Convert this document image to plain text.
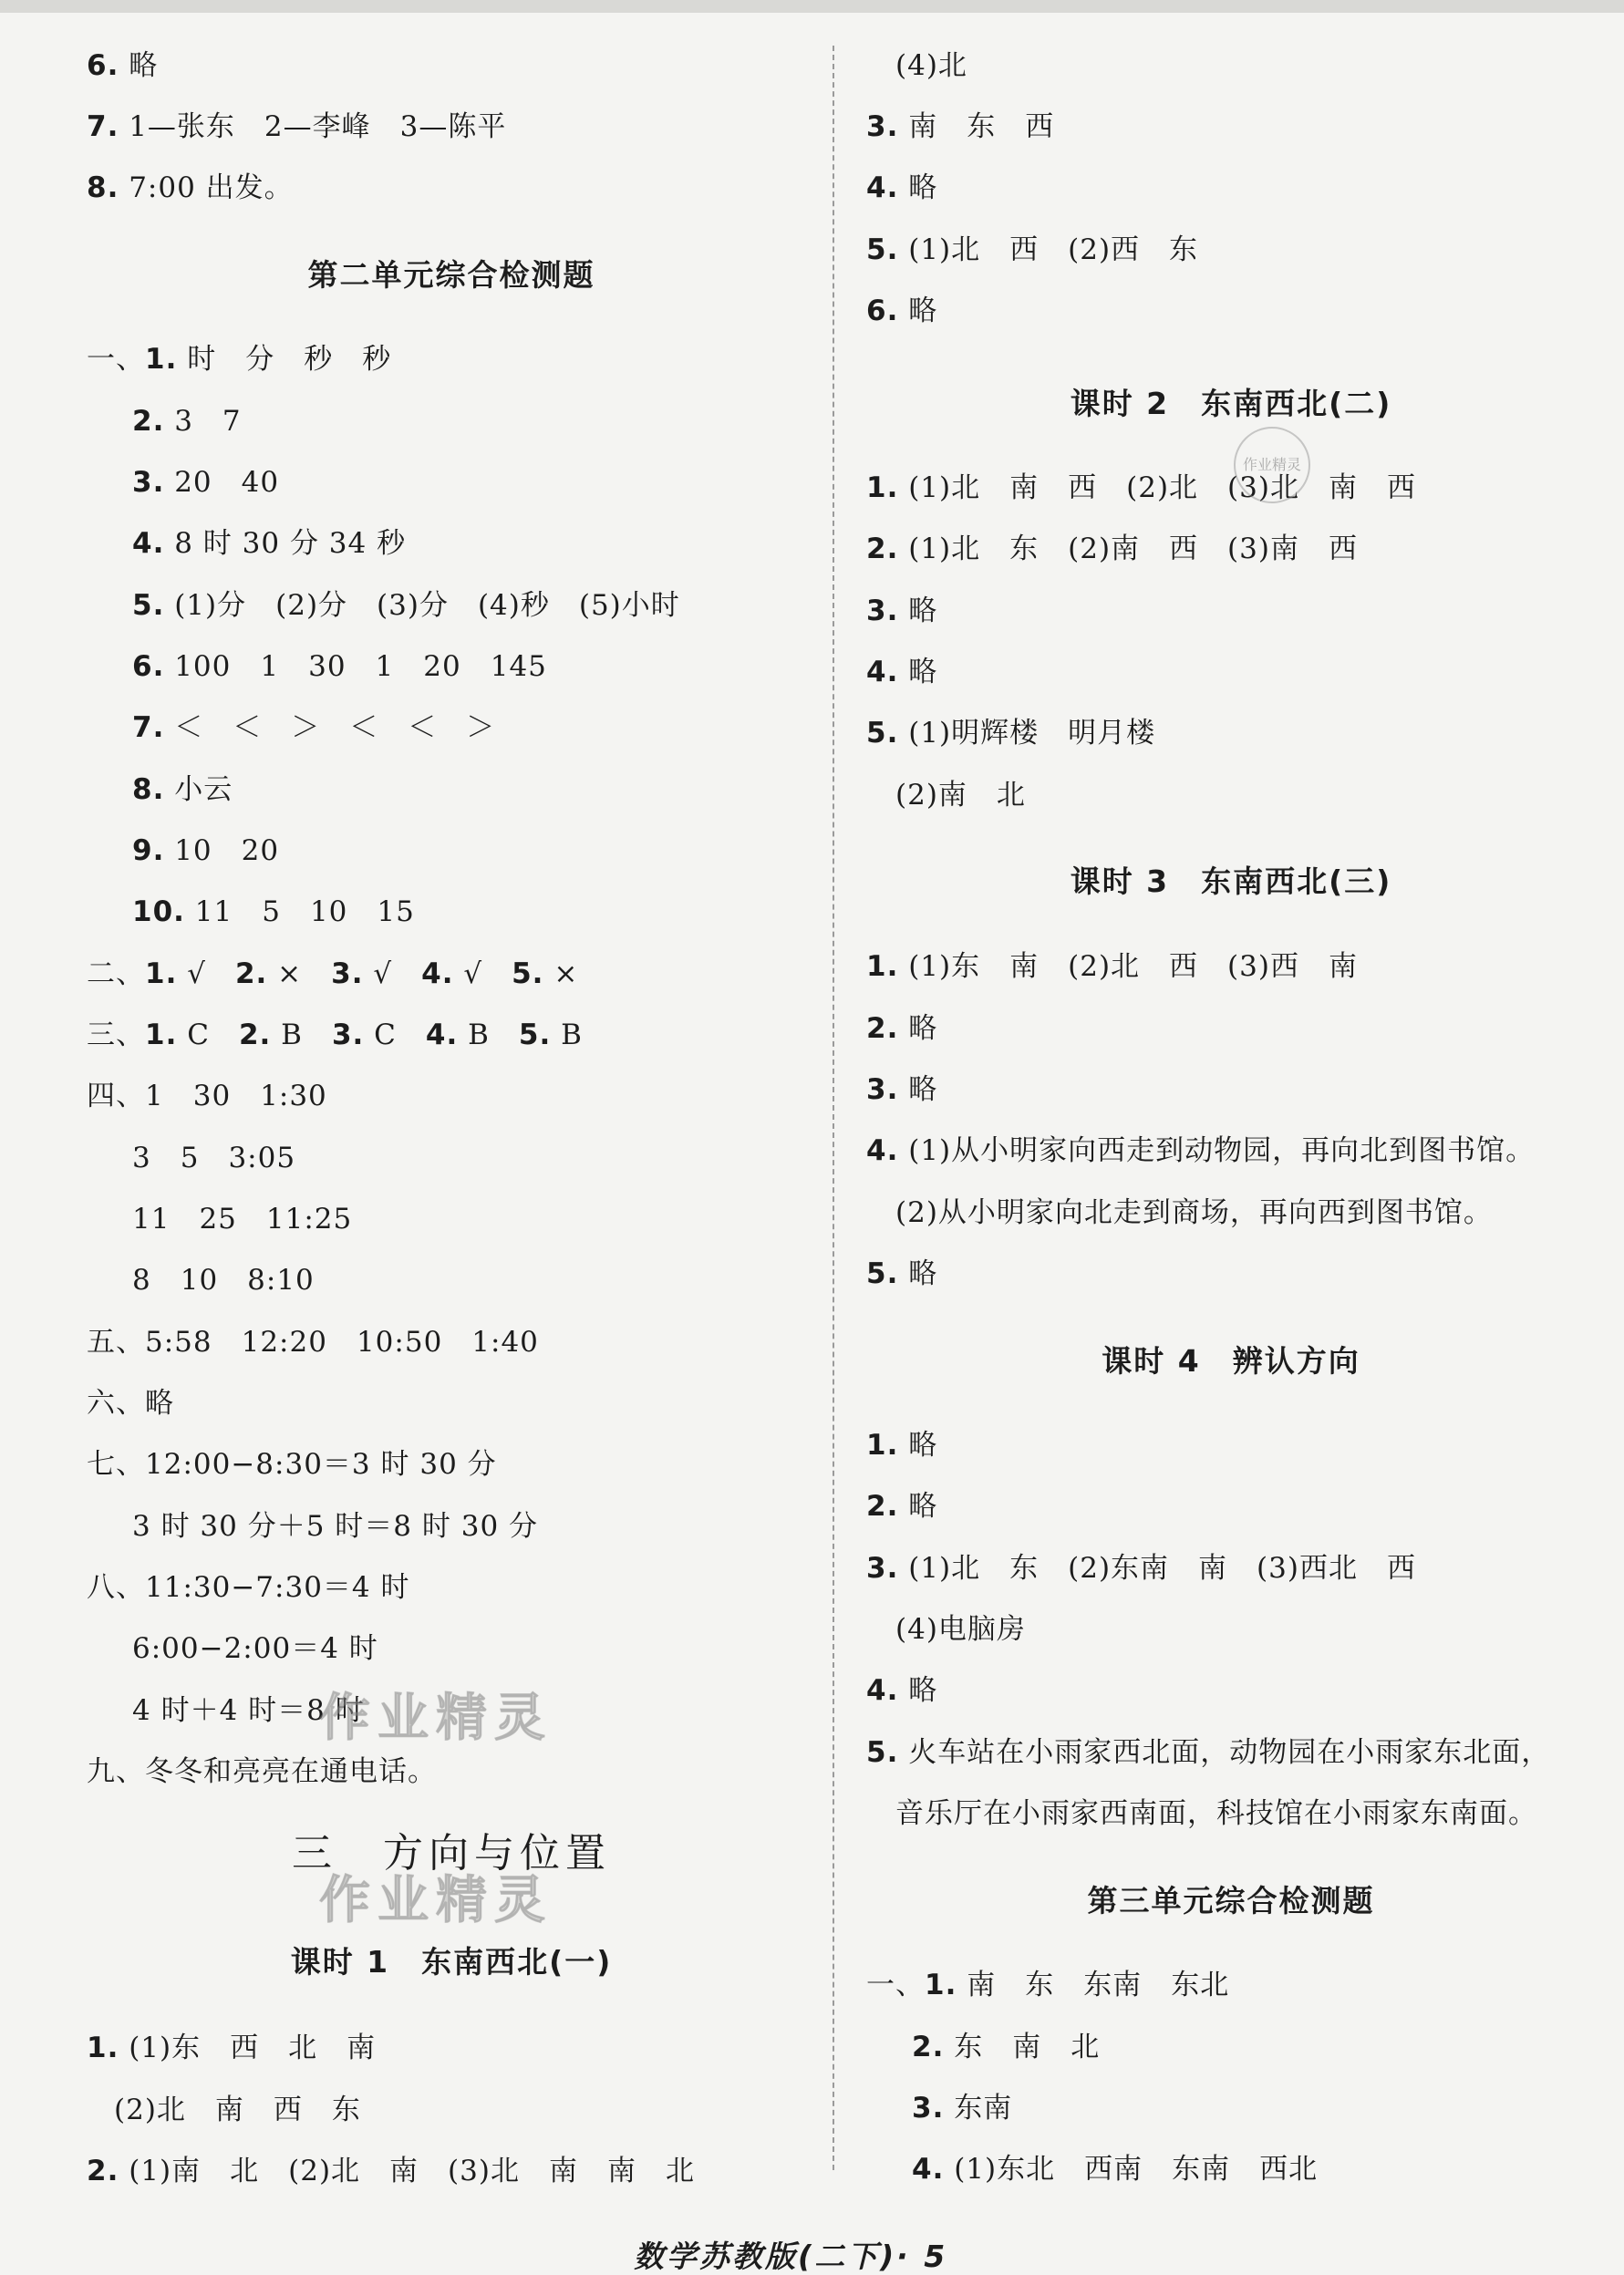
6. 略
7. 1—张东　2—李峰　3—陈平
8. 7:00 出发。
第二单元综合检测题
一、1. 时　分　秒　秒
2. 3　7
3. 20　40
4. 8 时 30 分 34 秒
5. (1)分　(2)分　(3)分　(4)秒　(5)小时
6. 100　1　30　1　20　145
7. ＜　＜　＞　＜　＜　＞
8. 小云
9. 10　20
10. 11　5　10　15
二、1. √　2. ×　3. √　4. √　5. ×
三、1. C　2. B　3. C　4. B　5. B
四、1　30　1:30
3　5　3:05
11　25　11:25
8　10　8:10
五、5:58　12:20　10:50　1:40
六、略
七、12:00−8:30＝3 时 30 分
3 时 30 分＋5 时＝8 时 30 分
八、11:30−7:30＝4 时
6:00−2:00＝4 时
4 时＋4 时＝8 时
九、冬冬和亮亮在通电话。
三　方向与位置
课时 1　东南西北(一)
1. (1)东　西　北　南
(2)北　南　西　东
2. (1)南　北　(2)北　南　(3)北　南　南　北
(4)北
3. 南　东　西
4. 略
5. (1)北　西　(2)西　东
6. 略
课时 2　东南西北(二)
1. (1)北　南　西　(2)北　(3)北　南　西
2. (1)北　东　(2)南　西　(3)南　西
3. 略
4. 略
5. (1)明辉楼　明月楼
(2)南　北
课时 3　东南西北(三)
1. (1)东　南　(2)北　西　(3)西　南
2. 略
3. 略
4. (1)从小明家向西走到动物园，再向北到图书馆。
(2)从小明家向北走到商场，再向西到图书馆。
5. 略
课时 4　辨认方向
1. 略
2. 略
3. (1)北　东　(2)东南　南　(3)西北　西
(4)电脑房
4. 略
5. 火车站在小雨家西北面，动物园在小雨家东北面，
音乐厅在小雨家西南面，科技馆在小雨家东南面。
第三单元综合检测题
一、1. 南　东　东南　东北
2. 东　南　北
3. 东南
4. (1)东北　西南　东南　西北
作业精灵
作业精灵
作业精灵
数学苏教版(二下)· 5
